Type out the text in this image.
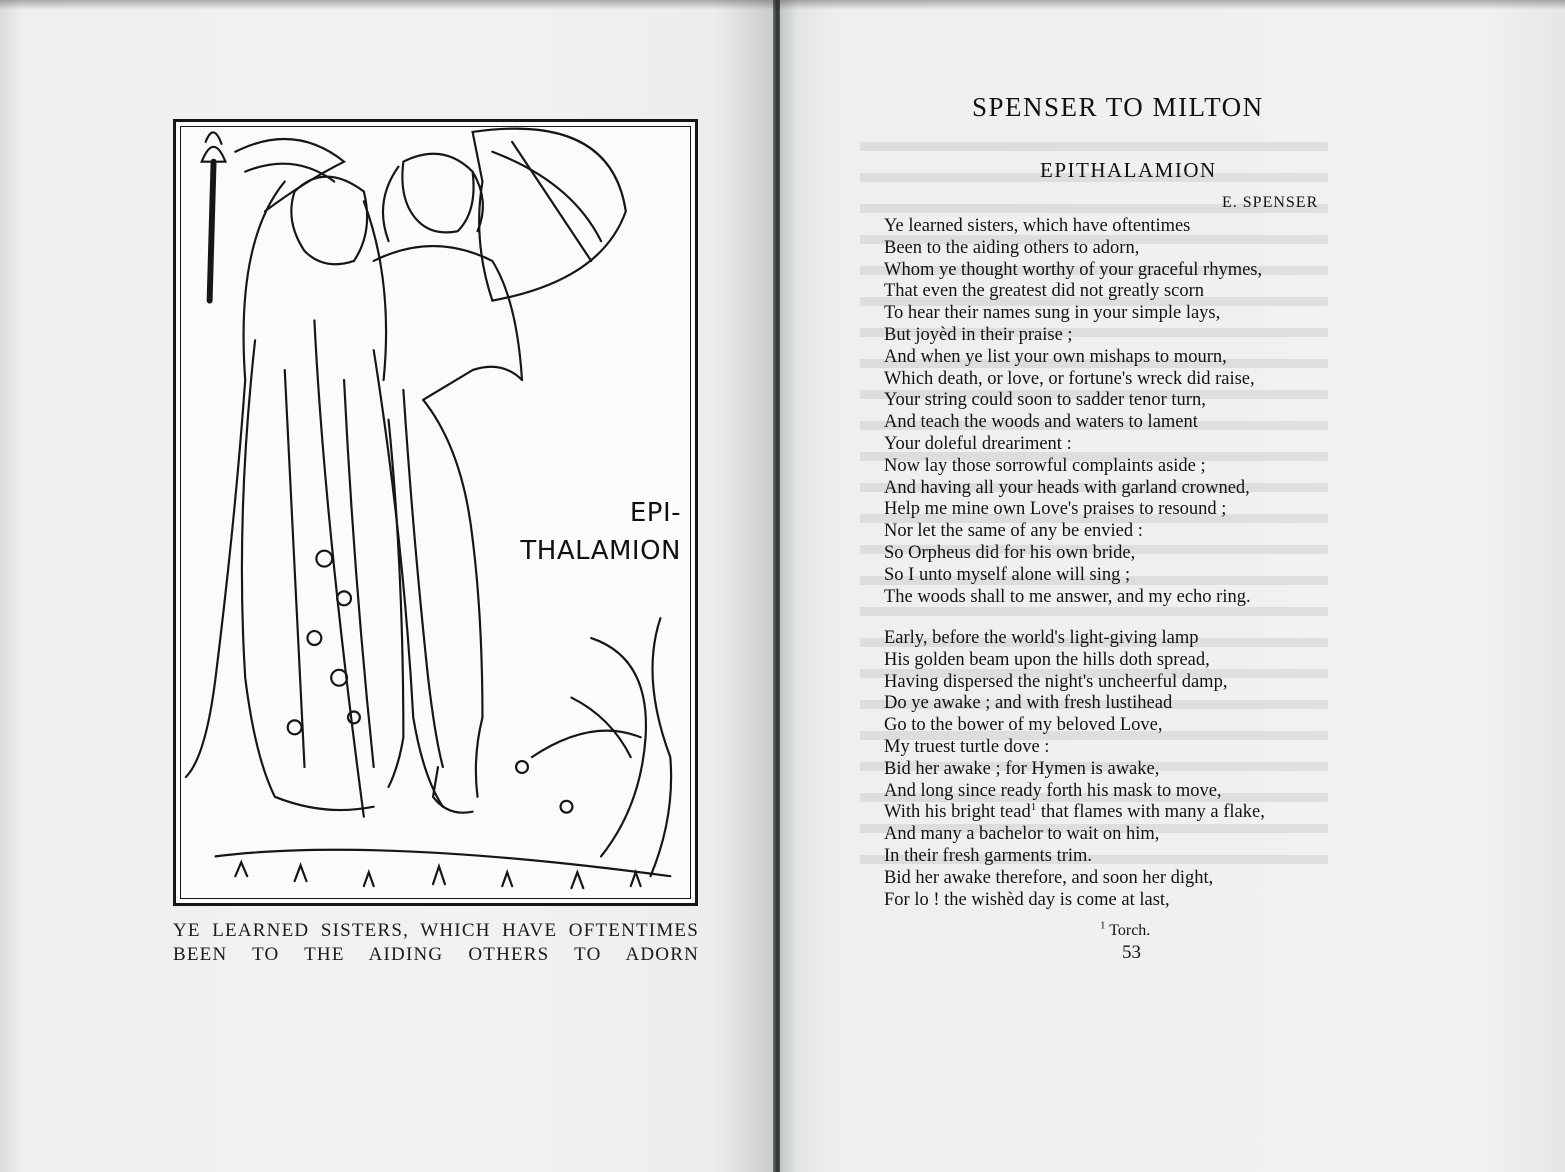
EPI-
THALAMION
YE LEARNED SISTERS, WHICH HAVE OFTENTIMES
BEEN TO THE AIDING OTHERS TO ADORN
SPENSER TO MILTON
EPITHALAMION
E. SPENSER
Ye learned sisters, which have oftentimes
Been to the aiding others to adorn,
Whom ye thought worthy of your graceful rhymes,
That even the greatest did not greatly scorn
To hear their names sung in your simple lays,
But joyèd in their praise ;
And when ye list your own mishaps to mourn,
Which death, or love, or fortune's wreck did raise,
Your string could soon to sadder tenor turn,
And teach the woods and waters to lament
Your doleful dreariment :
Now lay those sorrowful complaints aside ;
And having all your heads with garland crowned,
Help me mine own Love's praises to resound ;
Nor let the same of any be envied :
So Orpheus did for his own bride,
So I unto myself alone will sing ;
The woods shall to me answer, and my echo ring.
Early, before the world's light-giving lamp
His golden beam upon the hills doth spread,
Having dispersed the night's uncheerful damp,
Do ye awake ; and with fresh lustihead
Go to the bower of my beloved Love,
My truest turtle dove :
Bid her awake ; for Hymen is awake,
And long since ready forth his mask to move,
With his bright tead$^1$ that flames with many a flake,
And many a bachelor to wait on him,
In their fresh garments trim.
Bid her awake therefore, and soon her dight,
For lo ! the wishèd day is come at last,
$^1$ Torch.
53
